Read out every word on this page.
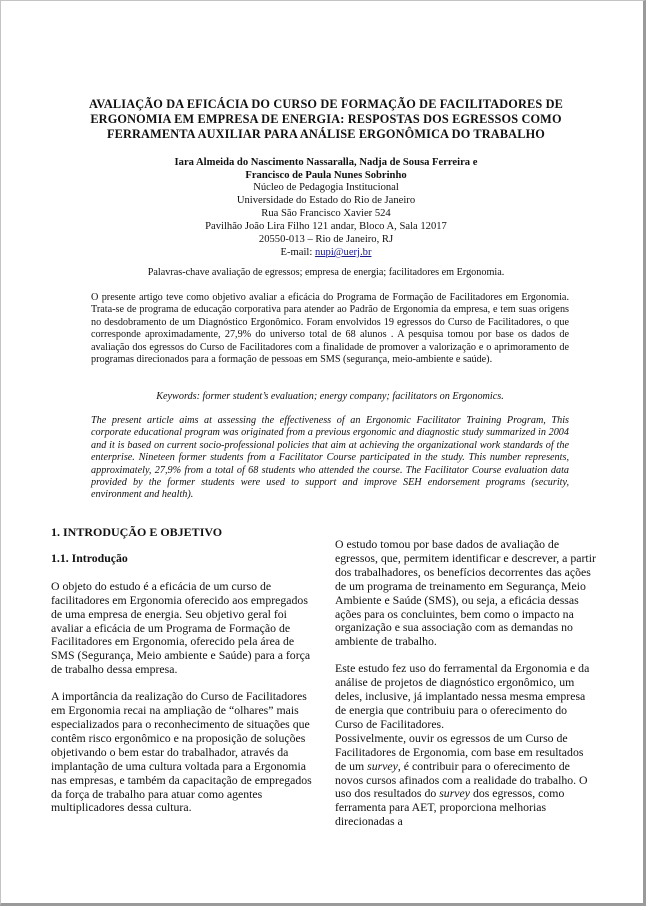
AVALIAÇÃO DA EFICÁCIA DO CURSO DE FORMAÇÃO DE FACILITADORES DE ERGONOMIA EM EMPRESA DE ENERGIA: RESPOSTAS DOS EGRESSOS COMO FERRAMENTA AUXILIAR PARA ANÁLISE ERGONÔMICA DO TRABALHO
Iara Almeida do Nascimento Nassaralla, Nadja de Sousa Ferreira e
Francisco de Paula Nunes Sobrinho
Núcleo de Pedagogia Institucional
Universidade do Estado do Rio de Janeiro
Rua São Francisco Xavier 524
Pavilhão João Lira Filho 121 andar, Bloco A, Sala 12017
20550-013 – Rio de Janeiro, RJ
E-mail: nupi@uerj.br
Palavras-chave avaliação de egressos; empresa de energia; facilitadores em Ergonomia.
O presente artigo teve como objetivo avaliar a eficácia do Programa de Formação de Facilitadores em Ergonomia. Trata-se de programa de educação corporativa para atender ao Padrão de Ergonomia da empresa, e tem suas origens no desdobramento de um Diagnóstico Ergonômico. Foram envolvidos 19 egressos do Curso de Facilitadores, o que corresponde aproximadamente, 27,9% do universo total de 68 alunos . A pesquisa tomou por base os dados de avaliação dos egressos do Curso de Facilitadores com a finalidade de promover a valorização e o aprimoramento de programas direcionados para a formação de pessoas em SMS (segurança, meio-ambiente e saúde).
Keywords: former student’s evaluation; energy company; facilitators on Ergonomics.
The present article aims at assessing the effectiveness of an Ergonomic Facilitator Training Program, This corporate educational program was originated from a previous ergonomic and diagnostic study summarized in 2004 and it is based on current socio-professional policies that aim at achieving the organizational work standards of the enterprise. Nineteen former students from a Facilitator Course participated in the study. This number represents, approximately, 27,9% from a total of 68 students who attended the course. The Facilitator Course evaluation data provided by the former students were used to support and improve SEH endorsement programs (security, environment and health).
1. INTRODUÇÃO E OBJETIVO
1.1. Introdução

O objeto do estudo é a eficácia de um curso de facilitadores em Ergonomia oferecido aos empregados de uma empresa de energia. Seu objetivo geral foi avaliar a eficácia de um Programa de Formação de Facilitadores em Ergonomia, oferecido pela área de SMS (Segurança, Meio ambiente e Saúde) para a força de trabalho dessa empresa.

A importância da realização do Curso de Facilitadores em Ergonomia recai na ampliação de “olhares” mais especializados para o reconhecimento de situações que contêm risco ergonômico e na proposição de soluções objetivando o bem estar do trabalhador, através da implantação de uma cultura voltada para a Ergonomia nas empresas, e também da capacitação de empregados da força de trabalho para atuar como agentes multiplicadores dessa cultura.

O estudo tomou por base dados de avaliação de egressos, que, permitem identificar e descrever, a partir dos trabalhadores, os benefícios decorrentes das ações de um programa de treinamento em Segurança, Meio Ambiente e Saúde (SMS), ou seja, a eficácia dessas ações para os concluintes, bem como o impacto na organização e sua associação com as demandas no ambiente de trabalho.

Este estudo fez uso do ferramental da Ergonomia e da análise de projetos de diagnóstico ergonômico, um deles, inclusive, já implantado nessa mesma empresa de energia que contribuiu para o oferecimento do Curso de Facilitadores.

Possivelmente, ouvir os egressos de um Curso de Facilitadores de Ergonomia, com base em resultados de um survey, é contribuir para o oferecimento de novos cursos afinados com a realidade do trabalho. O uso dos resultados do survey dos egressos, como ferramenta para AET, proporciona melhorias direcionadas a
